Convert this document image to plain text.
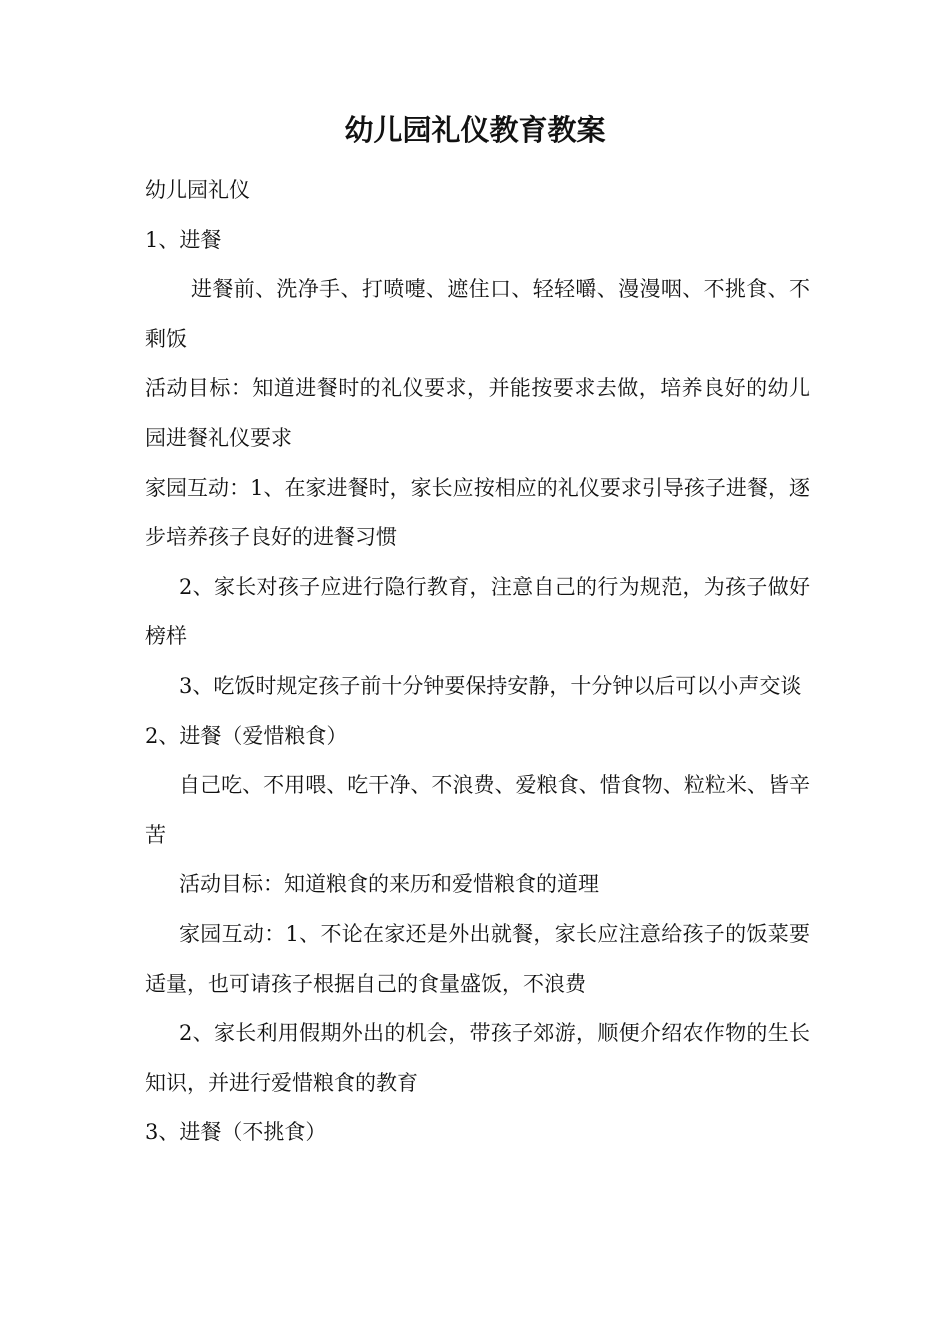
幼儿园礼仪教育教案

幼儿园礼仪

1、进餐

进餐前、洗净手、打喷嚏、遮住口、轻轻嚼、漫漫咽、不挑食、不剩饭

活动目标：知道进餐时的礼仪要求，并能按要求去做，培养良好的幼儿园进餐礼仪要求

家园互动：1、在家进餐时，家长应按相应的礼仪要求引导孩子进餐，逐步培养孩子良好的进餐习惯

2、家长对孩子应进行隐行教育，注意自己的行为规范，为孩子做好榜样

3、吃饭时规定孩子前十分钟要保持安静，十分钟以后可以小声交谈

2、进餐（爱惜粮食）

自己吃、不用喂、吃干净、不浪费、爱粮食、惜食物、粒粒米、皆辛苦

活动目标：知道粮食的来历和爱惜粮食的道理

家园互动：1、不论在家还是外出就餐，家长应注意给孩子的饭菜要适量，也可请孩子根据自己的食量盛饭，不浪费

2、家长利用假期外出的机会，带孩子郊游，顺便介绍农作物的生长知识，并进行爱惜粮食的教育

3、进餐（不挑食）
